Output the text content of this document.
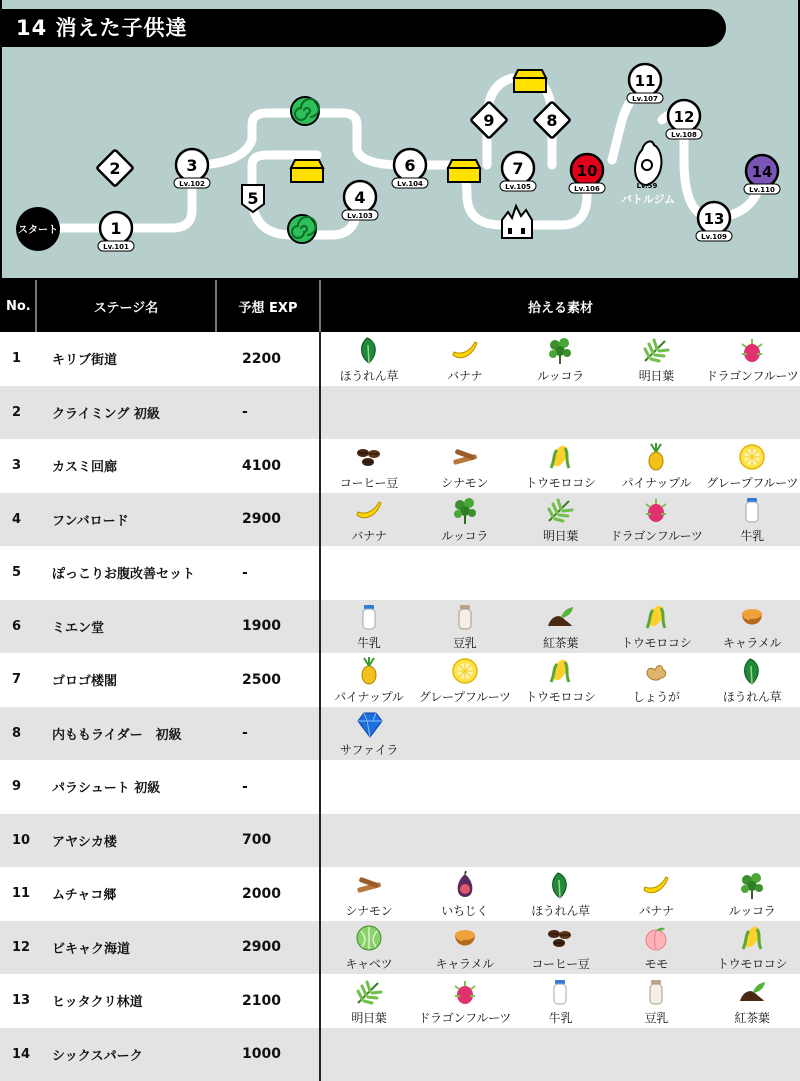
Lv.59
バトルジム
スタート	1
Lv.101
2	3
Lv.102
4
Lv.103
5
6
Lv.104
7
Lv.105
8
9
10
Lv.106
11
Lv.107
12
Lv.108
13
Lv.109
14
Lv.110
14 消えた子供達
No.	ステージ名	予想 EXP	拾える素材
1	キリブ街道	2200	ほうれん草 バナナ ルッコラ 明日葉 ドラゴンフルーツ

2	クライミング 初級	-	

3	カスミ回廊	4100	コーヒー豆 シナモン トウモロコシ パイナップル グレープフルーツ

4	フンバロード	2900	バナナ ルッコラ 明日葉 ドラゴンフルーツ 牛乳

5	ぽっこりお腹改善セット	-	

6	ミエン堂	1900	牛乳 豆乳 紅茶葉 トウモロコシ キャラメル

7	ゴロゴ楼閣	2500	パイナップル グレープフルーツ トウモロコシ しょうが ほうれん草

8	内ももライダー　初級	-	サファイラ

9	パラシュート 初級	-	

10	アヤシカ楼	700	

11	ムチャコ郷	2000	シナモン いちじく ほうれん草 バナナ ルッコラ

12	ビキャク海道	2900	キャベツ キャラメル コーヒー豆 モモ トウモロコシ

13	ヒッタクリ林道	2100	明日葉 ドラゴンフルーツ 牛乳 豆乳 紅茶葉

14	シックスパーク	1000	
